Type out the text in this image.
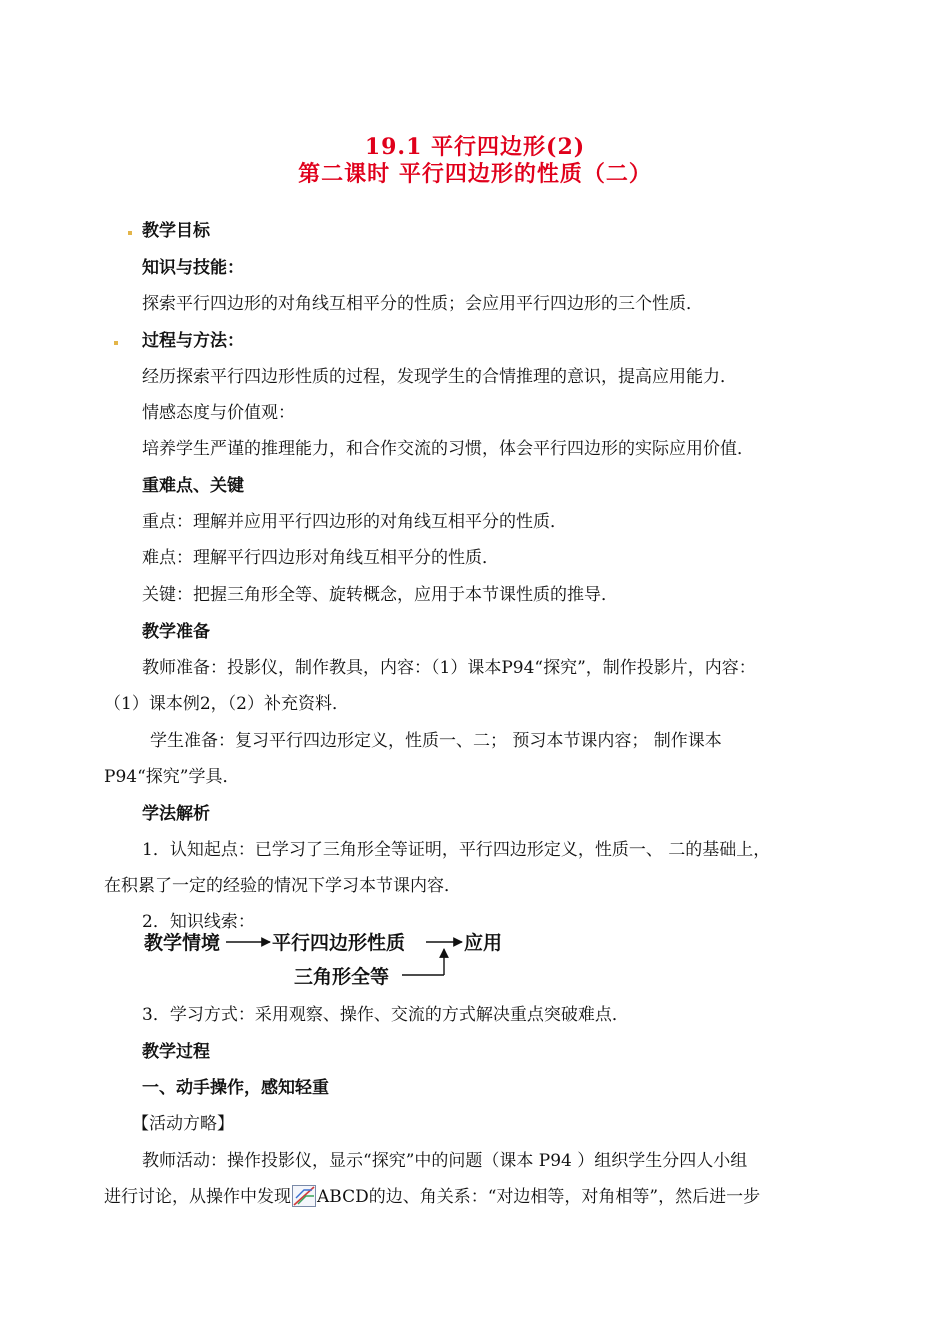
19.1 平行四边形(2)
第二课时 平行四边形的性质（二）
教学目标
知识与技能：
探索平行四边形的对角线互相平分的性质；会应用平行四边形的三个性质．
过程与方法：
经历探索平行四边形性质的过程，发现学生的合情推理的意识，提高应用能力．
情感态度与价值观：
培养学生严谨的推理能力，和合作交流的习惯，体会平行四边形的实际应用价值．
重难点、关键
重点：理解并应用平行四边形的对角线互相平分的性质．
难点：理解平行四边形对角线互相平分的性质．
关键：把握三角形全等、旋转概念，应用于本节课性质的推导．
教学准备
教师准备：投影仪，制作教具，内容：（1）课本P94“探究”，制作投影片，内容：
（1）课本例2，（2）补充资料．
学生准备：复习平行四边形定义，性质一、二； 预习本节课内容； 制作课本
P94“探究”学具．
学法解析
1．认知起点：已学习了三角形全等证明，平行四边形定义，性质一、 二的基础上，
在积累了一定的经验的情况下学习本节课内容．
2．知识线索：
教学情境	平行四边形性质	应用
三角形全等
3．学习方式：采用观察、操作、交流的方式解决重点突破难点．
教学过程
一、动手操作，感知轻重
【活动方略】
教师活动：操作投影仪，显示“探究”中的问题（课本 P94 ）组织学生分四人小组
进行讨论，从操作中发现 ABCD的边、角关系：“对边相等，对角相等”，然后进一步
